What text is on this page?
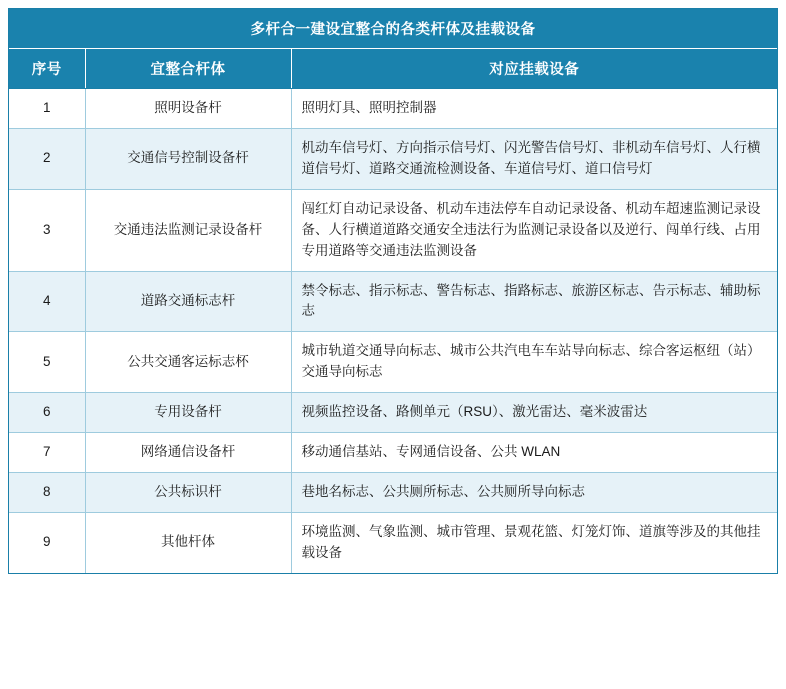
多杆合一建设宜整合的各类杆体及挂载设备
序号	宜整合杆体	对应挂载设备
1	照明设备杆	照明灯具、照明控制器
2	交通信号控制设备杆	机动车信号灯、方向指示信号灯、闪光警告信号灯、非机动车信号灯、人行横道信号灯、道路交通流检测设备、车道信号灯、道口信号灯
3	交通违法监测记录设备杆	闯红灯自动记录设备、机动车违法停车自动记录设备、机动车超速监测记录设备、人行横道道路交通安全违法行为监测记录设备以及逆行、闯单行线、占用专用道路等交通违法监测设备
4	道路交通标志杆	禁令标志、指示标志、警告标志、指路标志、旅游区标志、告示标志、辅助标志
5	公共交通客运标志杯	城市轨道交通导向标志、城市公共汽电车车站导向标志、综合客运枢纽（站）交通导向标志
6	专用设备杆	视频监控设备、路侧单元（RSU）、激光雷达、毫米波雷达
7	网络通信设备杆	移动通信基站、专网通信设备、公共 WLAN
8	公共标识杆	巷地名标志、公共厕所标志、公共厕所导向标志
9	其他杆体	环境监测、气象监测、城市管理、景观花篮、灯笼灯饰、道旗等涉及的其他挂载设备
